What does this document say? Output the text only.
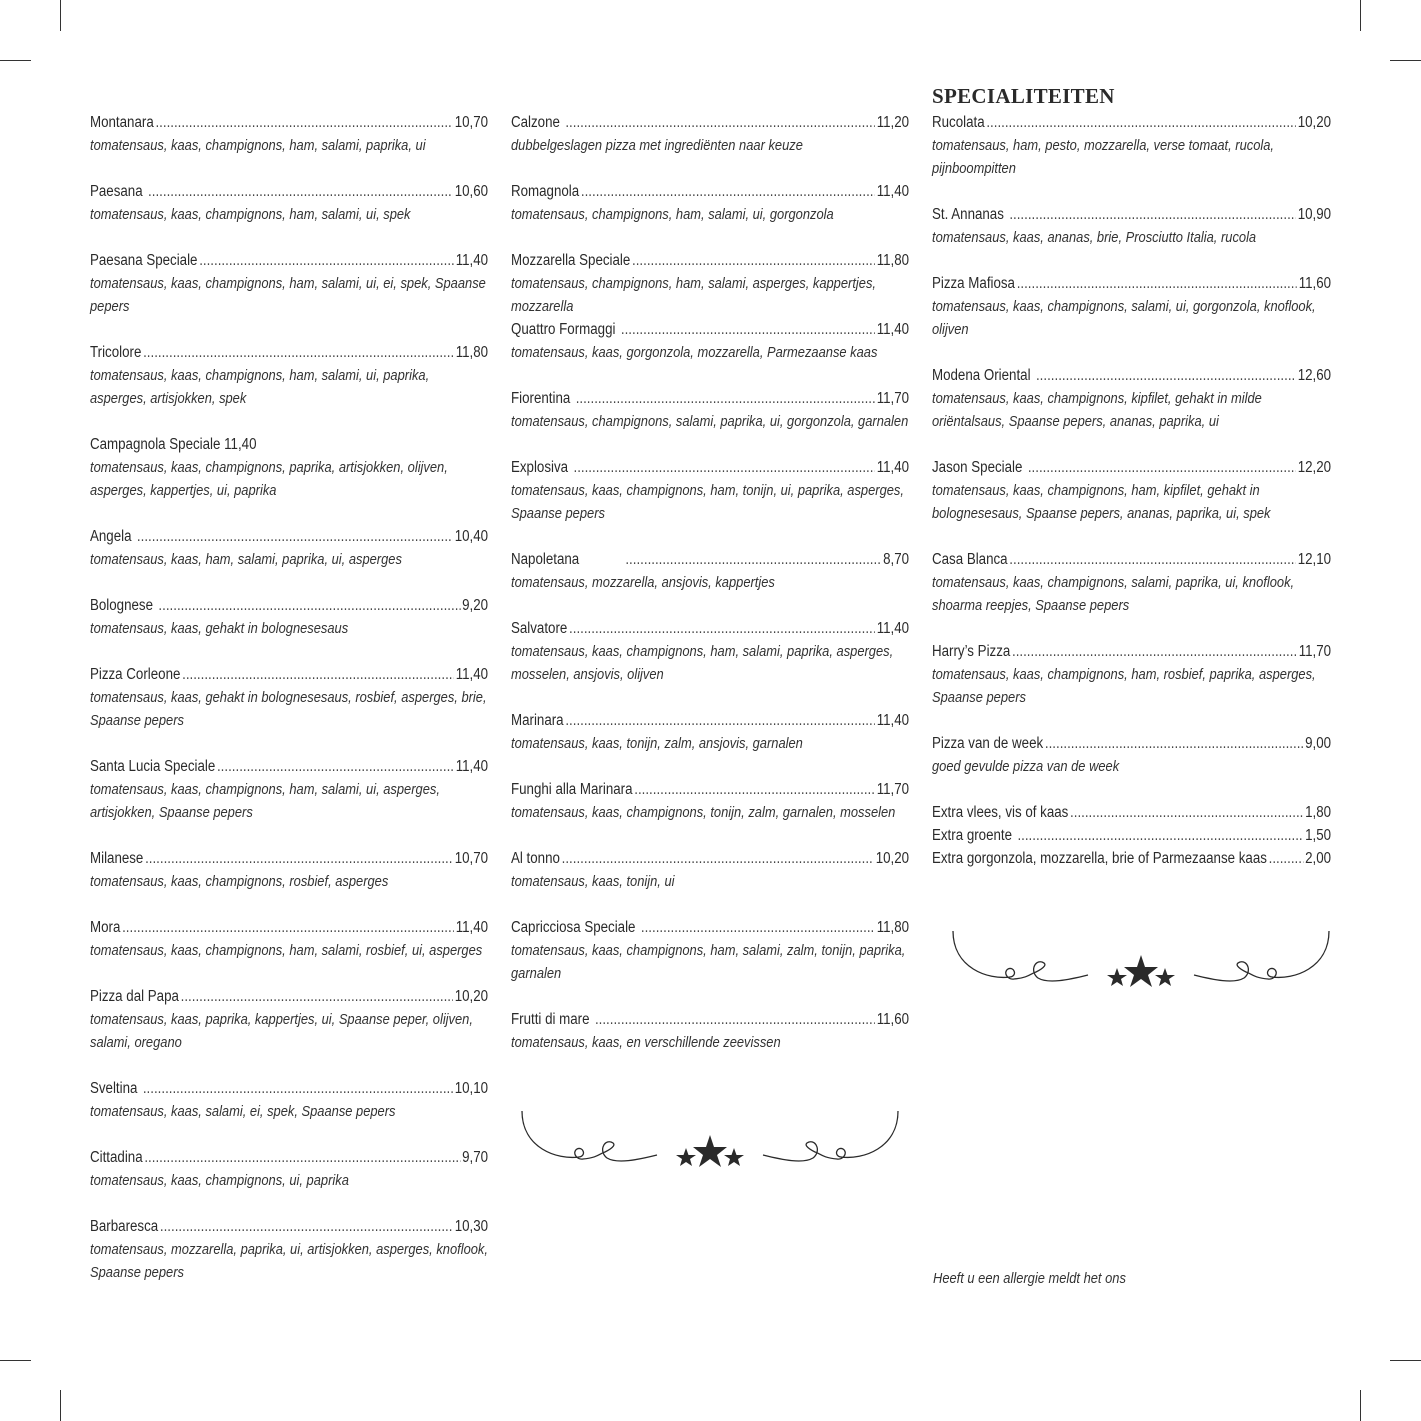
SPECIALITEITEN
Montanara .....	10,70
tomatensaus, kaas, champignons, ham, salami, paprika, ui
Paesana .....	10,60
tomatensaus, kaas, champignons, ham, salami, ui, spek
Paesana Speciale .....	11,40
tomatensaus, kaas, champignons, ham, salami, ui, ei, spek, Spaanse pepers
Tricolore .....	11,80
tomatensaus, kaas, champignons, ham, salami, ui, paprika, asperges, artisjokken, spek
Campagnola Speciale 11,40
tomatensaus, kaas, champignons, paprika, artisjokken, olijven, asperges, kappertjes, ui, paprika
Angela .....	10,40
tomatensaus, kaas, ham, salami, paprika, ui, asperges
Bolognese .....	9,20
tomatensaus, kaas, gehakt in bolognesesaus
Pizza Corleone .....	11,40
tomatensaus, kaas, gehakt in bolognesesaus, rosbief, asperges, brie, Spaanse pepers
Santa Lucia Speciale .....	11,40
tomatensaus, kaas, champignons, ham, salami, ui, asperges, artisjokken, Spaanse pepers
Milanese .....	10,70
tomatensaus, kaas, champignons, rosbief, asperges
Mora .....	11,40
tomatensaus, kaas, champignons, ham, salami, rosbief, ui, asperges
Pizza dal Papa .....	10,20
tomatensaus, kaas, paprika, kappertjes, ui, Spaanse peper, olijven, salami, oregano
Sveltina .....	10,10
tomatensaus, kaas, salami, ei, spek, Spaanse pepers
Cittadina .....	9,70
tomatensaus, kaas, champignons, ui, paprika
Barbaresca .....	10,30
tomatensaus, mozzarella, paprika, ui, artisjokken, asperges, knoflook, Spaanse pepers
Calzone .....	11,20
dubbelgeslagen pizza met ingrediënten naar keuze
Romagnola .....	11,40
tomatensaus, champignons, ham, salami, ui, gorgonzola
Mozzarella Speciale .....	11,80
tomatensaus, champignons, ham, salami, asperges, kappertjes, mozzarella
Quattro Formaggi .....	11,40
tomatensaus, kaas, gorgonzola, mozzarella, Parmezaanse kaas
Fiorentina .....	11,70
tomatensaus, champignons, salami, paprika, ui, gorgonzola, garnalen
Explosiva .....	11,40
tomatensaus, kaas, champignons, ham, tonijn, ui, paprika, asperges, Spaanse pepers
Napoletana .....	8,70
tomatensaus, mozzarella, ansjovis, kappertjes
Salvatore .....	11,40
tomatensaus, kaas, champignons, ham, salami, paprika, asperges, mosselen, ansjovis, olijven
Marinara .....	11,40
tomatensaus, kaas, tonijn, zalm, ansjovis, garnalen
Funghi alla Marinara .....	11,70
tomatensaus, kaas, champignons, tonijn, zalm, garnalen, mosselen
Al tonno .....	10,20
tomatensaus, kaas, tonijn, ui
Capricciosa Speciale .....	11,80
tomatensaus, kaas, champignons, ham, salami, zalm, tonijn, paprika, garnalen
Frutti di mare .....	11,60
tomatensaus, kaas, en verschillende zeevissen
Rucolata .....	10,20
tomatensaus, ham, pesto, mozzarella, verse tomaat, rucola, pijnboompitten
St. Annanas .....	10,90
tomatensaus, kaas, ananas, brie, Prosciutto Italia, rucola
Pizza Mafiosa .....	11,60
tomatensaus, kaas, champignons, salami, ui, gorgonzola, knoflook, olijven
Modena Oriental .....	12,60
tomatensaus, kaas, champignons, kipfilet, gehakt in milde oriëntalsaus, Spaanse pepers, ananas, paprika, ui
Jason Speciale .....	12,20
tomatensaus, kaas, champignons, ham, kipfilet, gehakt in bolognesesaus, Spaanse pepers, ananas, paprika, ui, spek
Casa Blanca .....	12,10
tomatensaus, kaas, champignons, salami, paprika, ui, knoflook, shoarma reepjes, Spaanse pepers
Harry’s Pizza .....	11,70
tomatensaus, kaas, champignons, ham, rosbief, paprika, asperges, Spaanse pepers
Pizza van de week .....	9,00
goed gevulde pizza van de week
Extra vlees, vis of kaas .....	1,80
Extra groente .....	1,50
Extra gorgonzola, mozzarella, brie of Parmezaanse kaas ..... 2,00
Heeft u een allergie meldt het ons
